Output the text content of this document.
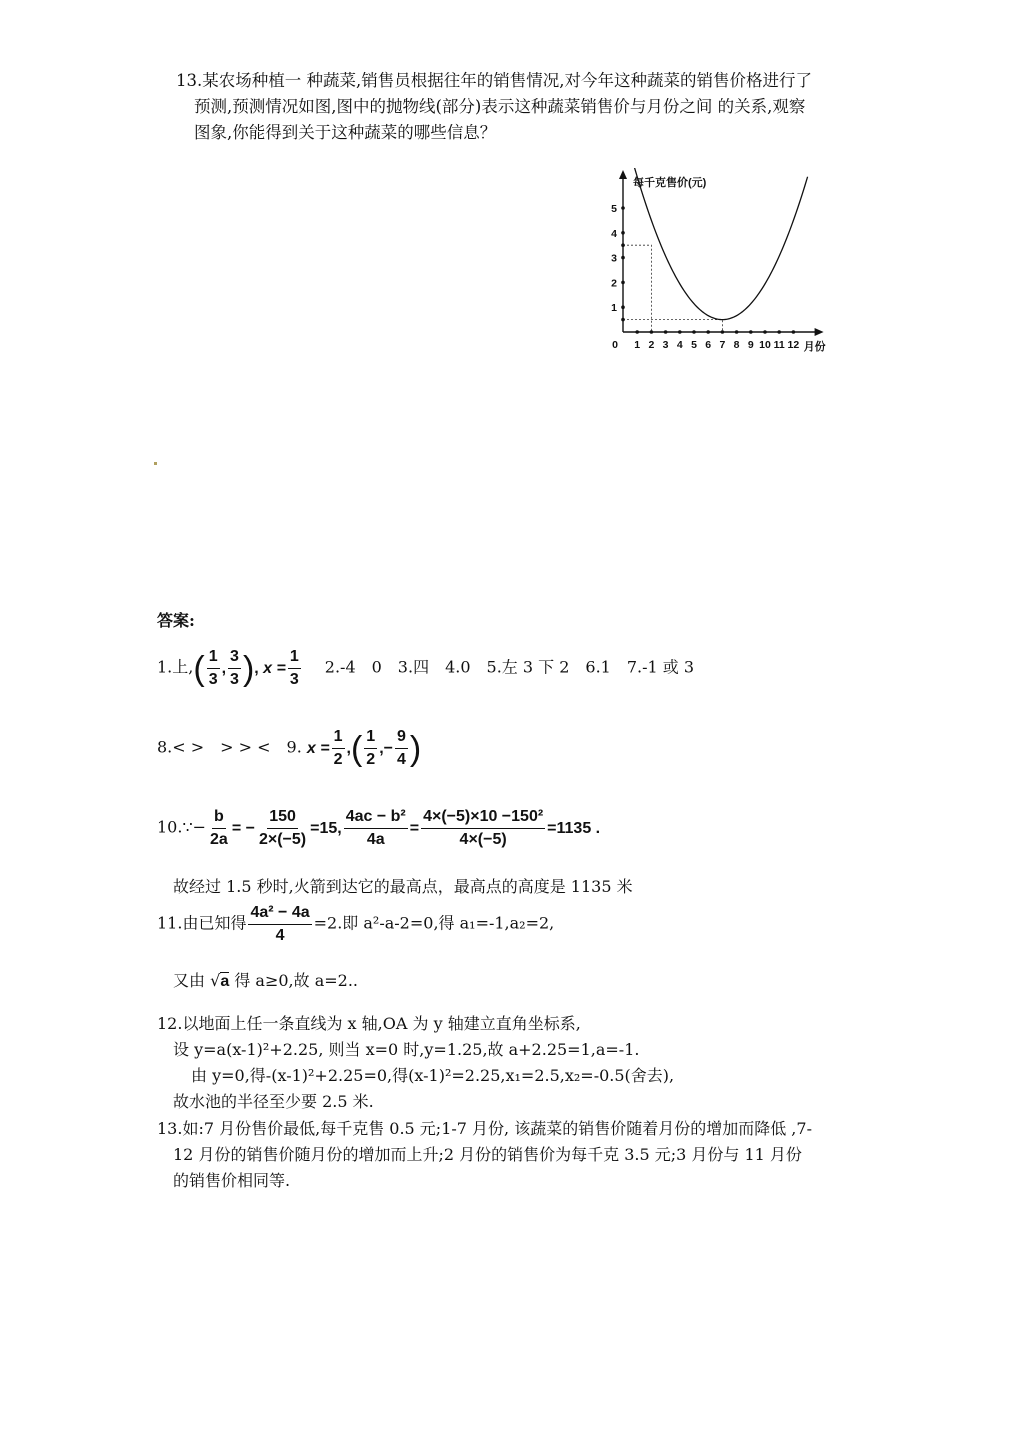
13.某农场种植一 种蔬菜,销售员根据往年的销售情况,对今年这种蔬菜的销售价格进行了
预测,预测情况如图,图中的抛物线(部分)表示这种蔬菜销售价与月份之间 的关系,观察
图象,你能得到关于这种蔬菜的哪些信息？
每千克售价(元)
月份
0 1 2 3 4 5 6 7 8 9 10 11 12
1
2
3
4
5
答案:
1.上,( $\frac{1}{3}$ , $\frac{3}{3}$ ), $x = \frac{1}{3} 2.-4$　0　3.四　4.0　5.左 3 下 2　6.1　7.-1 或 3
8.< >　> > <　9. $x = \frac{1}{2}$ ,( $\frac{1}{2}$ ,− $\frac{9}{4}$ )
10.∵− $\frac{b}{2a}$ = − $\frac{150}{2\times(-5)} =15$, $\frac{\text{4ac − b²}}{4a} = \frac{\text{4×(−5)×10 −150²}}{4\times(-5)} =1135$ .
故经过 1.5 秒时,火箭到达它的最高点，最高点的高度是 1135 米
11.由已知得 $\frac{\text{4a² − 4a}}{4} =2$.即 a²-a-2=0,得 a₁=-1,a₂=2,
又由 √a 得 a≥0,故 a=2..
12.以地面上任一条直线为 x 轴,OA 为 y 轴建立直角坐标系,
设 y=a(x-1)²+2.25, 则当 x=0 时,y=1.25,故 a+2.25=1,a=-1.
由 y=0,得-(x-1)²+2.25=0,得(x-1)²=2.25,x₁=2.5,x₂=-0.5(舍去),
故水池的半径至少要 2.5 米.
13.如:7 月份售价最低,每千克售 0.5 元;1-7 月份, 该蔬菜的销售价随着月份的增加而降低 ,7-
12 月份的销售价随月份的增加而上升;2 月份的销售价为每千克 3.5 元;3 月份与 11 月份
的销售价相同等.
